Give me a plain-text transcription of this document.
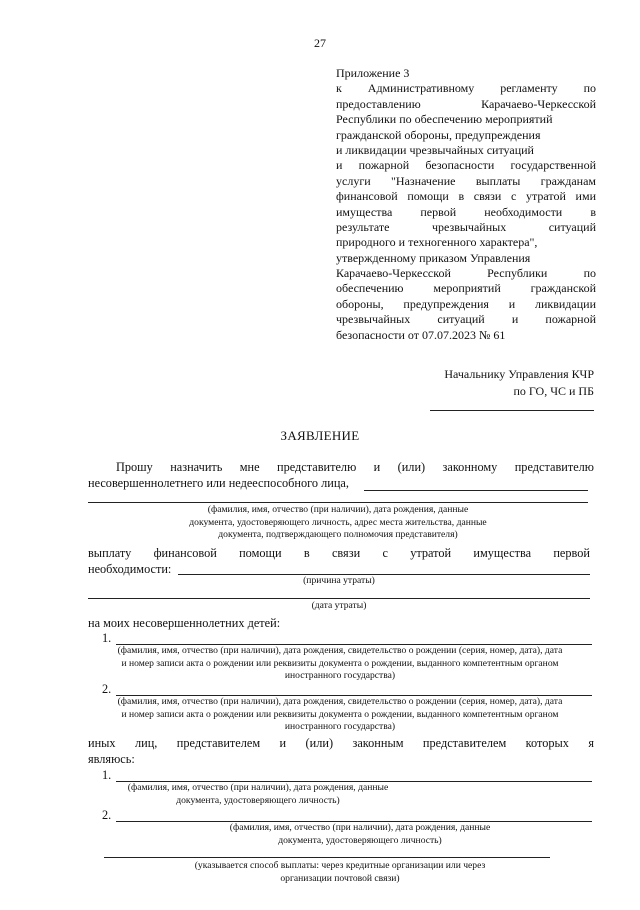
27
Приложение 3
к Административному регламенту по
предоставлению Карачаево-Черкесской
Республики по обеспечению мероприятий
гражданской обороны, предупреждения
и ликвидации чрезвычайных ситуаций
и пожарной безопасности государственной
услуги "Назначение выплаты гражданам
финансовой помощи в связи с утратой ими
имущества первой необходимости в
результате чрезвычайных ситуаций
природного и техногенного характера",
утвержденному приказом Управления
Карачаево-Черкесской Республики по
обеспечению мероприятий гражданской
обороны, предупреждения и ликвидации
чрезвычайных ситуаций и пожарной
безопасности от 07.07.2023 № 61
Начальнику Управления КЧР
по ГО, ЧС и ПБ
ЗАЯВЛЕНИЕ
Прошу назначить мне представителю и (или) законному представителю
несовершеннолетнего или недееспособного лица,
(фамилия, имя, отчество (при наличии), дата рождения, данные
документа, удостоверяющего личность, адрес места жительства, данные
документа, подтверждающего полномочия представителя)
выплату финансовой помощи в связи с утратой имущества первой
необходимости:
(причина утраты)
(дата утраты)
на моих несовершеннолетних детей:
1.
(фамилия, имя, отчество (при наличии), дата рождения, свидетельство о рождении (серия, номер, дата), дата
и номер записи акта о рождении или реквизиты документа о рождении, выданного компетентным органом
иностранного государства)
2.
(фамилия, имя, отчество (при наличии), дата рождения, свидетельство о рождении (серия, номер, дата), дата
и номер записи акта о рождении или реквизиты документа о рождении, выданного компетентным органом
иностранного государства)
иных лиц, представителем и (или) законным представителем которых я
являюсь:
1.
(фамилия, имя, отчество (при наличии), дата рождения, данные
документа, удостоверяющего личность)
2.
(фамилия, имя, отчество (при наличии), дата рождения, данные
документа, удостоверяющего личность)
(указывается способ выплаты: через кредитные организации или через
организации почтовой связи)
